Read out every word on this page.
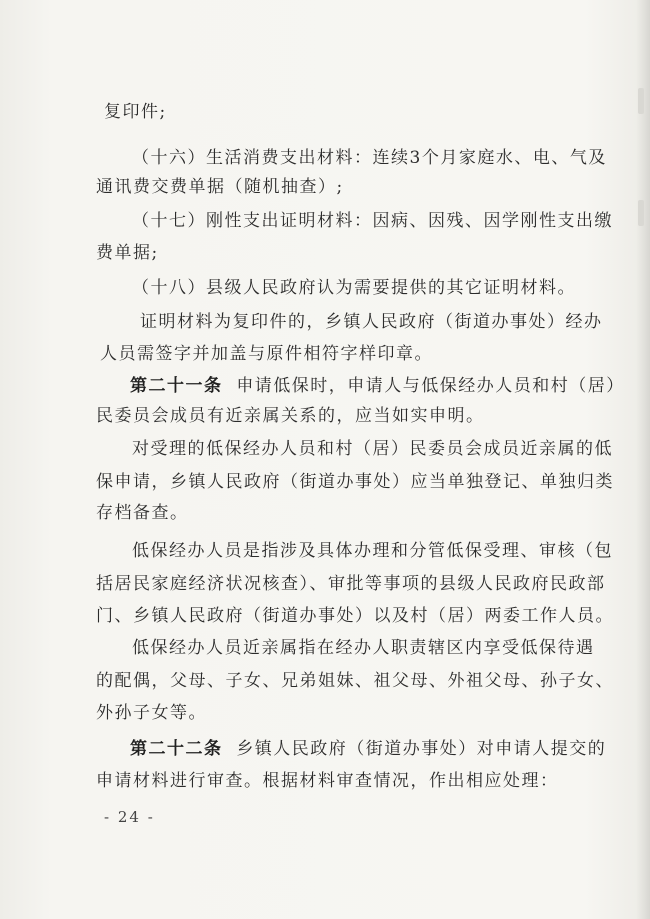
复印件;
（十六）生活消费支出材料：连续3个月家庭水、电、气及
通讯费交费单据（随机抽查）;
（十七）刚性支出证明材料：因病、因残、因学刚性支出缴
费单据;
（十八）县级人民政府认为需要提供的其它证明材料。
证明材料为复印件的，乡镇人民政府（街道办事处）经办
人员需签字并加盖与原件相符字样印章。
第二十一条 申请低保时，申请人与低保经办人员和村（居）
民委员会成员有近亲属关系的，应当如实申明。
对受理的低保经办人员和村（居）民委员会成员近亲属的低
保申请，乡镇人民政府（街道办事处）应当单独登记、单独归类
存档备查。
低保经办人员是指涉及具体办理和分管低保受理、审核（包
括居民家庭经济状况核查）、审批等事项的县级人民政府民政部
门、乡镇人民政府（街道办事处）以及村（居）两委工作人员。
低保经办人员近亲属指在经办人职责辖区内享受低保待遇
的配偶，父母、子女、兄弟姐妹、祖父母、外祖父母、孙子女、
外孙子女等。
第二十二条 乡镇人民政府（街道办事处）对申请人提交的
申请材料进行审查。根据材料审查情况，作出相应处理：
- 24 -
